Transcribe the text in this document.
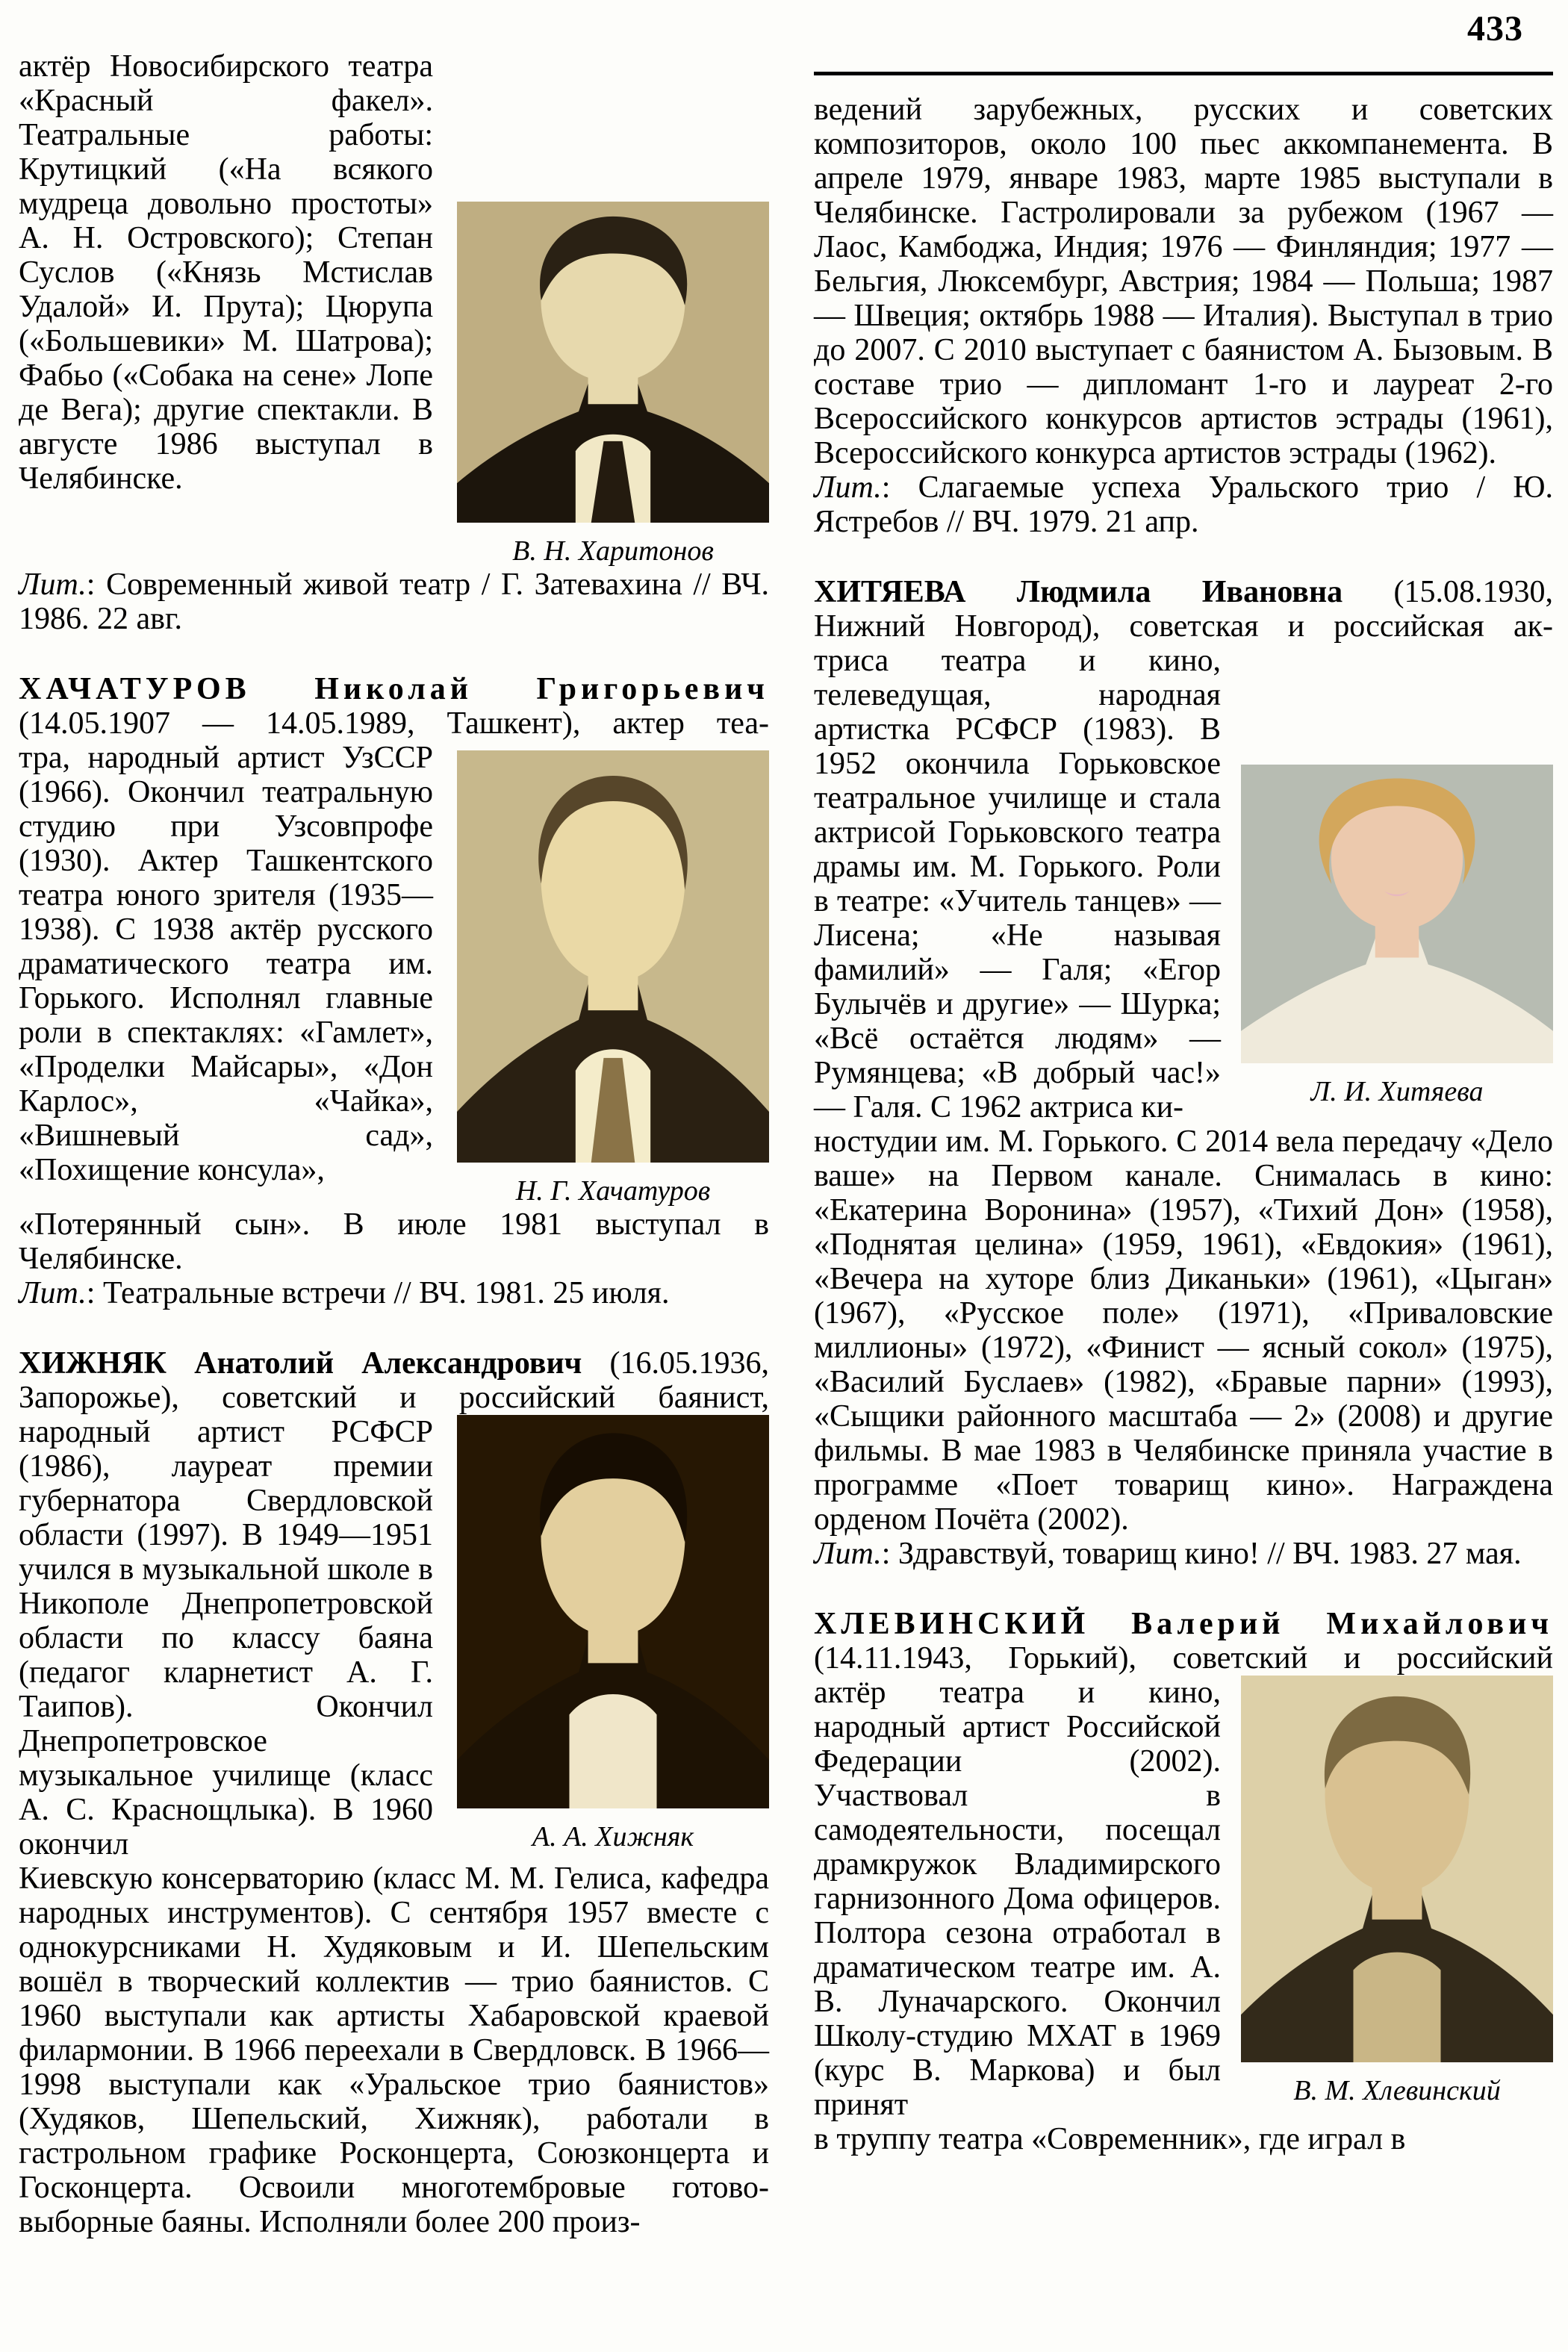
433

актёр Новосибирского театра «Красный факел». Театральные работы: Крутицкий («На всякого мудреца довольно простоты» А. Н. Островского); Степан Суслов («Князь Мстислав Удалой» И. Прута); Цюрупа («Большевики» М. Шатрова); Фабьо («Собака на сене» Лопе де Вега); другие спектакли. В августе 1986 выступал в Челябинске.

В. Н. Харитонов

Лит.: Современный живой театр / Г. Затевахина // ВЧ. 1986. 22 авг.

ХАЧАТУРОВ Николай Григорьевич

(14.05.1907 — 14.05.1989, Ташкент), актер теа-

тра, народный артист УзССР (1966). Окончил театральную студию при Узсовпрофе (1930). Актер Ташкентского театра юного зрителя (1935—1938). С 1938 актёр русского драматического театра им. Горького. Исполнял главные роли в спектаклях: «Гамлет», «Проделки Майсары», «Дон Карлос», «Чайка», «Вишневый сад», «Похищение консула»,

Н. Г. Хачатуров

«Потерянный сын». В июле 1981 выступал в Челябинске.

Лит.: Театральные встречи // ВЧ. 1981. 25 июля.

ХИЖНЯК Анатолий Александрович (16.05.1936,

Запорожье), советский и российский баянист,

народный артист РСФСР (1986), лауреат премии губернатора Свердловской области (1997). В 1949—1951 учился в музыкальной школе в Никополе Днепропетровской области по классу баяна (педагог кларнетист А. Г. Таипов). Окончил Днепропетровское музыкальное училище (класс А. С. Краснощлыка). В 1960 окончил	А. А. Хижняк

Киевскую консерваторию (класс М. М. Гелиса, кафедра народных инструментов). С сентября 1957 вместе с однокурсниками Н. Худяковым и И. Шепельским вошёл в творческий коллектив — трио баянистов. С 1960 выступали как артисты Хабаровской краевой филармонии. В 1966 переехали в Свердловск. В 1966—1998 выступали как «Уральское трио баянистов» (Худяков, Шепельский, Хижняк), работали в гастрольном графике Росконцерта, Союзконцерта и Госконцерта. Освоили многотембровые готово-выборные баяны. Исполняли более 200 произ-

ведений зарубежных, русских и советских композиторов, около 100 пьес аккомпанемента. В апреле 1979, январе 1983, марте 1985 выступали в Челябинске. Гастролировали за рубежом (1967 — Лаос, Камбоджа, Индия; 1976 — Финляндия; 1977 — Бельгия, Люксембург, Австрия; 1984 — Польша; 1987 — Швеция; октябрь 1988 — Италия). Выступал в трио до 2007. С 2010 выступает с баянистом А. Бызовым. В составе трио — дипломант 1-го и лауреат 2-го Всероссийского конкурсов артистов эстрады (1961), Всероссийского конкурса артистов эстрады (1962).

Лит.: Слагаемые успеха Уральского трио / Ю. Ястребов // ВЧ. 1979. 21 апр.

ХИТЯЕВА Людмила Ивановна (15.08.1930,

Нижний Новгород), советская и российская ак-

триса театра и кино, телеведущая, народная артистка РСФСР (1983). В 1952 окончила Горьковское театральное училище и стала актрисой Горьковского театра драмы им. М. Горького. Роли в театре: «Учитель танцев» — Лисена; «Не называя фамилий» — Галя; «Егор Булычёв и другие» — Шурка; «Всё остаётся людям» — Румянцева; «В добрый час!» — Галя. С 1962 актриса ки-	Л. И. Хитяева

ностудии им. М. Горького. С 2014 вела передачу «Дело ваше» на Первом канале. Снималась в кино: «Екатерина Воронина» (1957), «Тихий Дон» (1958), «Поднятая целина» (1959, 1961), «Евдокия» (1961), «Вечера на хуторе близ Диканьки» (1961), «Цыган» (1967), «Русское поле» (1971), «Приваловские миллионы» (1972), «Финист — ясный сокол» (1975), «Василий Буслаев» (1982), «Бравые парни» (1993), «Сыщики районного масштаба — 2» (2008) и другие фильмы. В мае 1983 в Челябинске приняла участие в программе «Поет товарищ кино». Награждена орденом Почёта (2002).

Лит.: Здравствуй, товарищ кино! // ВЧ. 1983. 27 мая.

ХЛЕВИНСКИЙ Валерий Михайлович

(14.11.1943, Горький), советский и российский

актёр театра и кино, народный артист Российской Федерации (2002). Участвовал в самодеятельности, посещал драмкружок Владимирского гарнизонного Дома офицеров. Полтора сезона отработал в драматическом театре им. А. В. Луначарского. Окончил Школу-студию МХАТ в 1969 (курс В. Маркова) и был принят	В. М. Хлевинский

в труппу театра «Современник», где играл в
